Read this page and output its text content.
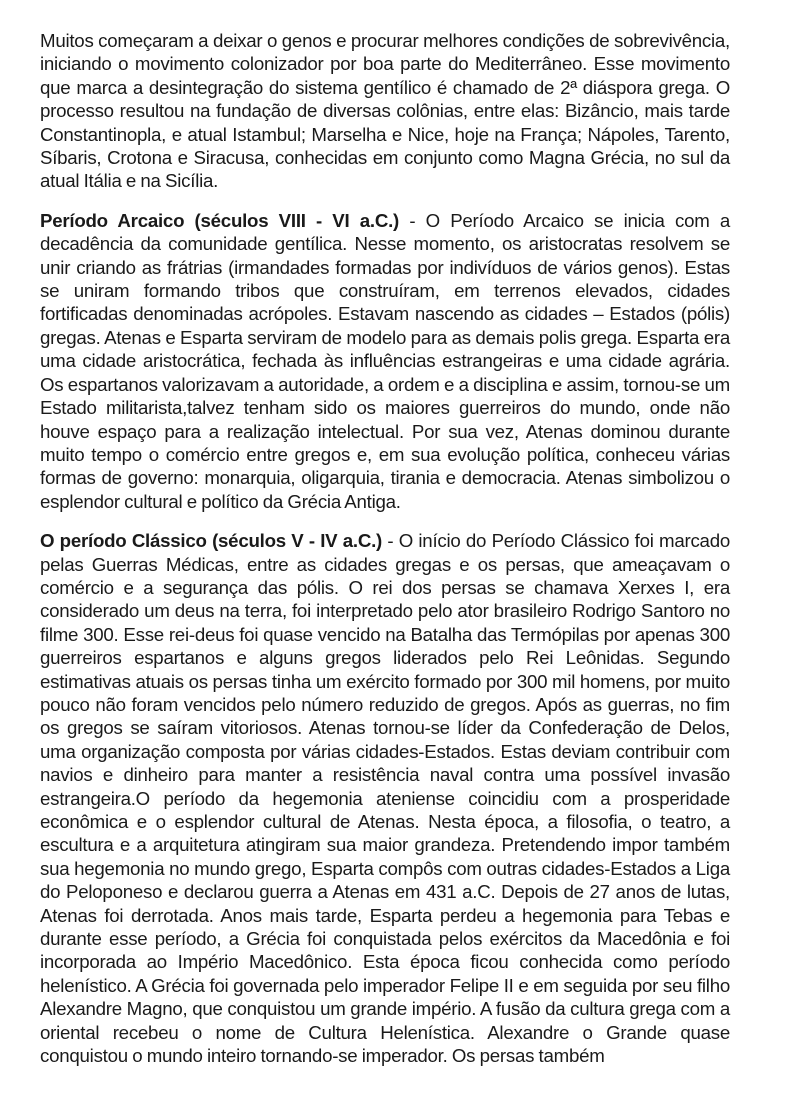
Muitos começaram a deixar o genos e procurar melhores condições de sobrevivência, iniciando o movimento colonizador por boa parte do Mediterrâneo. Esse movimento que marca a desintegração do sistema gentílico é chamado de 2ª diáspora grega. O processo resultou na fundação de diversas colônias, entre elas: Bizâncio, mais tarde Constantinopla, e atual Istambul; Marselha e Nice, hoje na França; Nápoles, Tarento, Síbaris, Crotona e Siracusa, conhecidas em conjunto como Magna Grécia, no sul da atual Itália e na Sicília.

Período Arcaico (séculos VIII - VI a.C.) - O Período Arcaico se inicia com a decadência da comunidade gentílica. Nesse momento, os aristocratas resolvem se unir criando as frátrias (irmandades formadas por indivíduos de vários genos). Estas se uniram formando tribos que construíram, em terrenos elevados, cidades fortificadas denominadas acrópoles. Estavam nascendo as cidades – Estados (pólis) gregas. Atenas e Esparta serviram de modelo para as demais polis grega. Esparta era uma cidade aristocrática, fechada às influências estrangeiras e uma cidade agrária. Os espartanos valorizavam a autoridade, a ordem e a disciplina e assim, tornou-se um Estado militarista,talvez tenham sido os maiores guerreiros do mundo, onde não houve espaço para a realização intelectual. Por sua vez, Atenas dominou durante muito tempo o comércio entre gregos e, em sua evolução política, conheceu várias formas de governo: monarquia, oligarquia, tirania e democracia. Atenas simbolizou o esplendor cultural e político da Grécia Antiga.

O período Clássico (séculos V - IV a.C.) - O início do Período Clássico foi marcado pelas Guerras Médicas, entre as cidades gregas e os persas, que ameaçavam o comércio e a segurança das pólis. O rei dos persas se chamava Xerxes I, era considerado um deus na terra, foi interpretado pelo ator brasileiro Rodrigo Santoro no filme 300. Esse rei-deus foi quase vencido na Batalha das Termópilas por apenas 300 guerreiros espartanos e alguns gregos liderados pelo Rei Leônidas. Segundo estimativas atuais os persas tinha um exército formado por 300 mil homens, por muito pouco não foram vencidos pelo número reduzido de gregos. Após as guerras, no fim os gregos se saíram vitoriosos. Atenas tornou-se líder da Confederação de Delos, uma organização composta por várias cidades-Estados. Estas deviam contribuir com navios e dinheiro para manter a resistência naval contra uma possível invasão estrangeira.O período da hegemonia ateniense coincidiu com a prosperidade econômica e o esplendor cultural de Atenas. Nesta época, a filosofia, o teatro, a escultura e a arquitetura atingiram sua maior grandeza. Pretendendo impor também sua hegemonia no mundo grego, Esparta compôs com outras cidades-Estados a Liga do Peloponeso e declarou guerra a Atenas em 431 a.C. Depois de 27 anos de lutas, Atenas foi derrotada. Anos mais tarde, Esparta perdeu a hegemonia para Tebas e durante esse período, a Grécia foi conquistada pelos exércitos da Macedônia e foi incorporada ao Império Macedônico. Esta época ficou conhecida como período helenístico. A Grécia foi governada pelo imperador Felipe II e em seguida por seu filho Alexandre Magno, que conquistou um grande império. A fusão da cultura grega com a oriental recebeu o nome de Cultura Helenística. Alexandre o Grande quase conquistou o mundo inteiro tornando-se imperador. Os persas também
